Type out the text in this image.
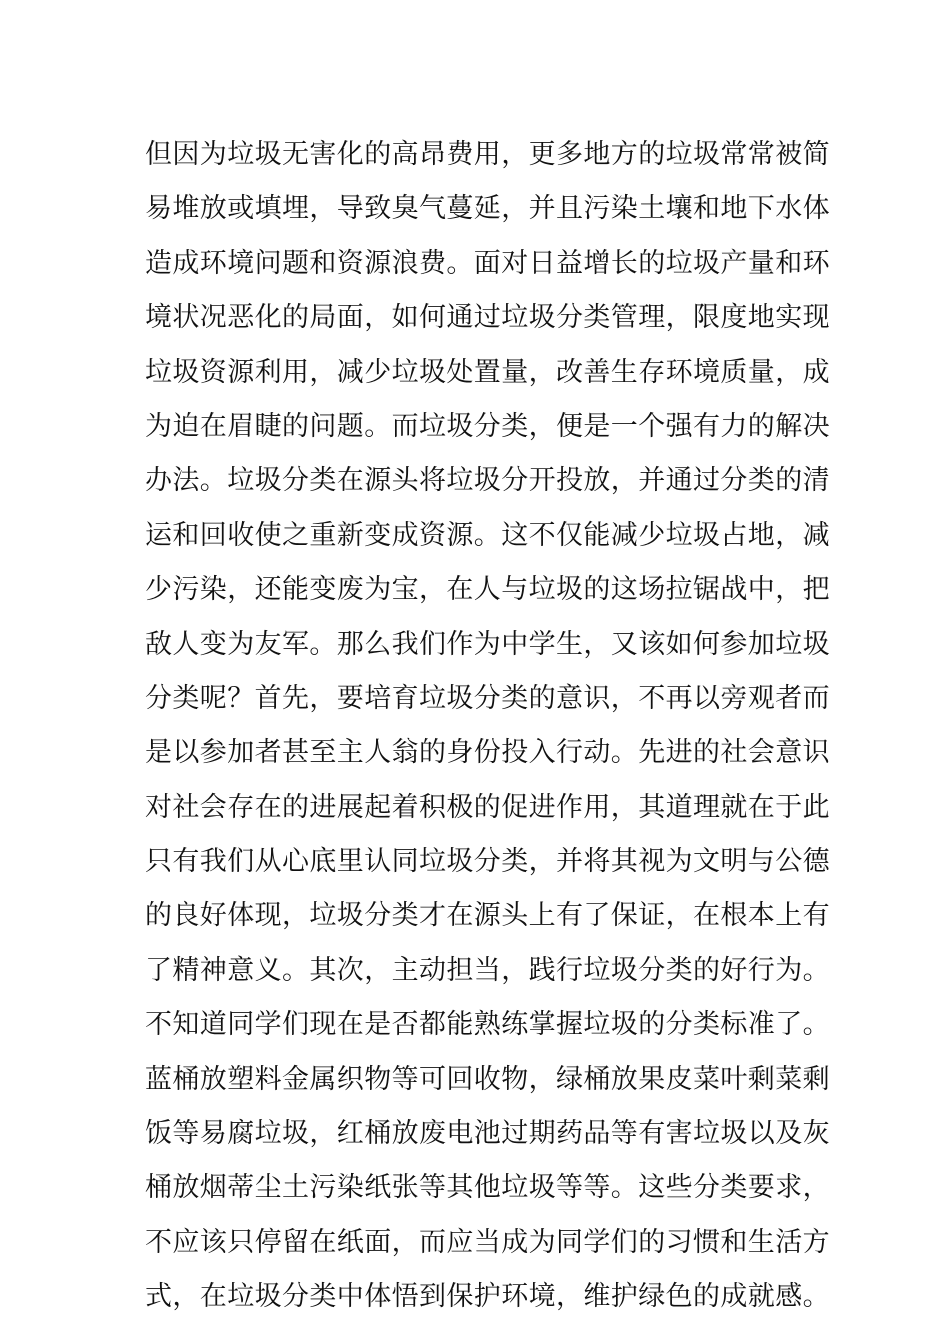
但因为垃圾无害化的高昂费用，更多地方的垃圾常常被简
易堆放或填埋，导致臭气蔓延，并且污染土壤和地下水体
造成环境问题和资源浪费。面对日益增长的垃圾产量和环
境状况恶化的局面，如何通过垃圾分类管理，限度地实现
垃圾资源利用，减少垃圾处置量，改善生存环境质量，成
为迫在眉睫的问题。而垃圾分类，便是一个强有力的解决
办法。垃圾分类在源头将垃圾分开投放，并通过分类的清
运和回收使之重新变成资源。这不仅能减少垃圾占地，减
少污染，还能变废为宝，在人与垃圾的这场拉锯战中，把
敌人变为友军。那么我们作为中学生，又该如何参加垃圾
分类呢？首先，要培育垃圾分类的意识，不再以旁观者而
是以参加者甚至主人翁的身份投入行动。先进的社会意识
对社会存在的进展起着积极的促进作用，其道理就在于此
只有我们从心底里认同垃圾分类，并将其视为文明与公德
的良好体现，垃圾分类才在源头上有了保证，在根本上有
了精神意义。其次，主动担当，践行垃圾分类的好行为。
不知道同学们现在是否都能熟练掌握垃圾的分类标准了。
蓝桶放塑料金属织物等可回收物，绿桶放果皮菜叶剩菜剩
饭等易腐垃圾，红桶放废电池过期药品等有害垃圾以及灰
桶放烟蒂尘土污染纸张等其他垃圾等等。这些分类要求，
不应该只停留在纸面，而应当成为同学们的习惯和生活方
式，在垃圾分类中体悟到保护环境，维护绿色的成就感。
